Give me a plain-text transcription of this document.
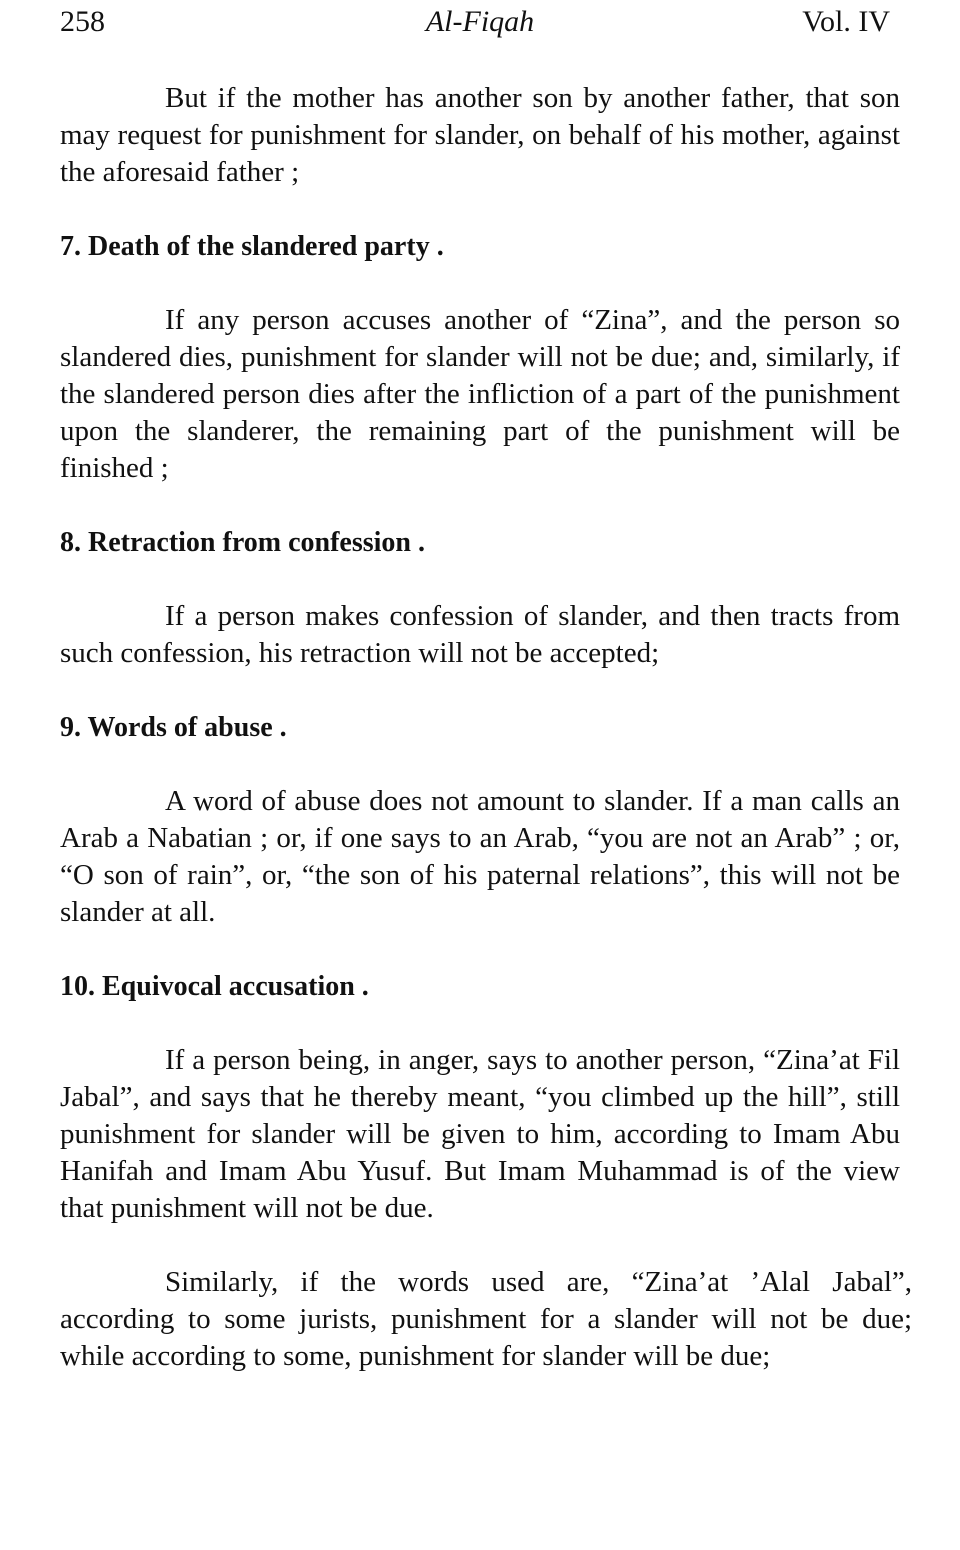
258	Al-Fiqah	Vol. IV

But if the mother has another son by another father, that son may request for punishment for slander, on behalf of his mother, against the aforesaid father ;

7. Death of the slandered party .

If any person accuses another of “Zina”, and the person so slandered dies, punishment for slander will not be due; and, similarly, if the slandered person dies after the infliction of a part of the punishment upon the slanderer, the remaining part of the punishment will be finished ;

8. Retraction from confession .

If a person makes confession of slander, and then tracts from such confession, his retraction will not be accepted;

9. Words of abuse .

A word of abuse does not amount to slander. If a man calls an Arab a Nabatian ; or, if one says to an Arab, “you are not an Arab” ; or, “O son of rain”, or, “the son of his paternal relations”, this will not be slander at all.

10. Equivocal accusation .

If a person being, in anger, says to another person, “Zina’at Fil Jabal”, and says that he thereby meant, “you climbed up the hill”, still punishment for slander will be given to him, according to Imam Abu Hanifah and Imam Abu Yusuf. But Imam Muhammad is of the view that punishment will not be due.

Similarly, if the words used are, “Zina’at ’Alal Jabal”, according to some jurists, punishment for a slander will not be due; while according to some, punishment for slander will be due;
